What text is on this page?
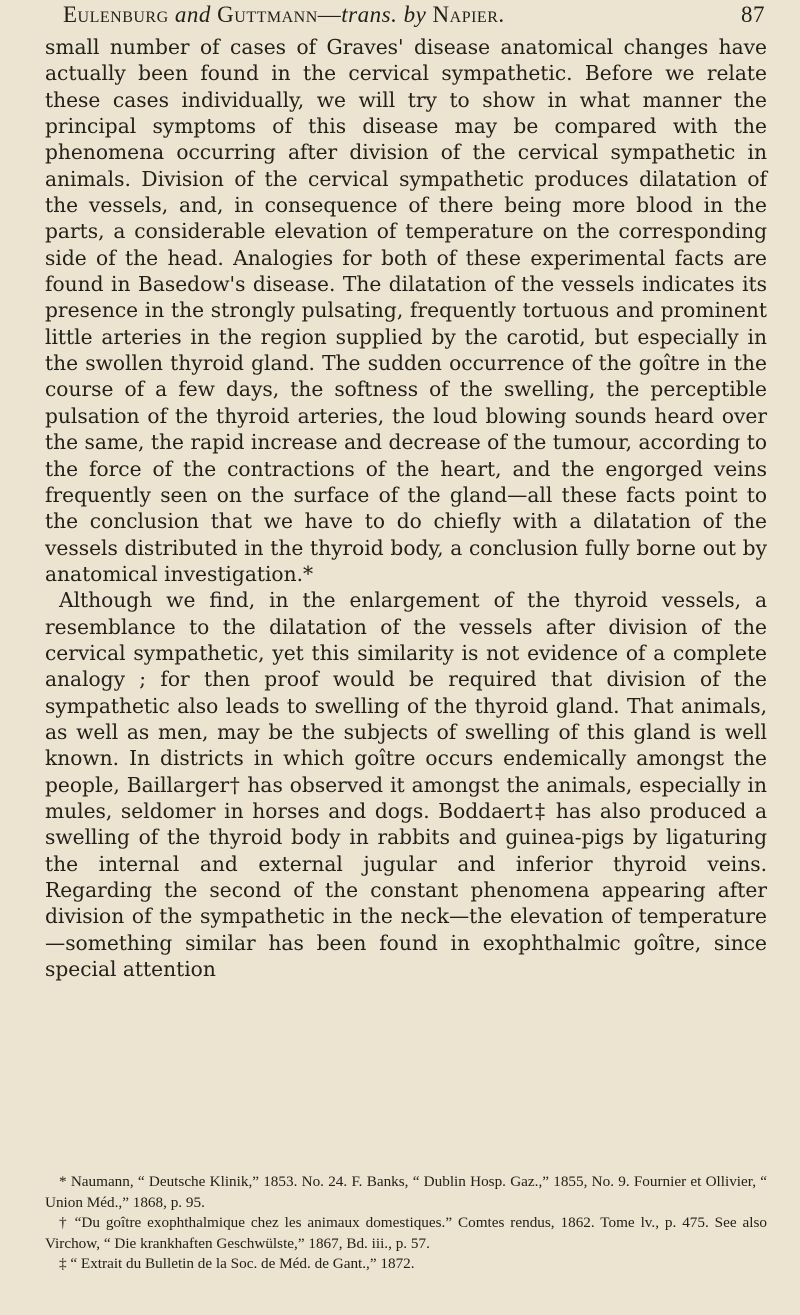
Eulenburg and Guttmann—trans. by Napier.	87

small number of cases of Graves' disease anatomical changes have actually been found in the cervical sympathetic. Before we relate these cases individually, we will try to show in what manner the principal symptoms of this disease may be compared with the phenomena occurring after division of the cervical sympathetic in animals. Division of the cervical sympathetic produces dilatation of the vessels, and, in consequence of there being more blood in the parts, a considerable elevation of temperature on the corresponding side of the head. Analogies for both of these experimental facts are found in Basedow's disease. The dilatation of the vessels indicates its presence in the strongly pulsating, frequently tortuous and prominent little arteries in the region supplied by the carotid, but especially in the swollen thyroid gland. The sudden occurrence of the goître in the course of a few days, the softness of the swelling, the perceptible pulsation of the thyroid arteries, the loud blowing sounds heard over the same, the rapid increase and decrease of the tumour, according to the force of the contractions of the heart, and the engorged veins frequently seen on the surface of the gland—all these facts point to the conclusion that we have to do chiefly with a dilatation of the vessels distributed in the thyroid body, a conclusion fully borne out by anatomical investigation.*

Although we find, in the enlargement of the thyroid vessels, a resemblance to the dilatation of the vessels after division of the cervical sympathetic, yet this similarity is not evidence of a complete analogy ; for then proof would be required that division of the sympathetic also leads to swelling of the thyroid gland. That animals, as well as men, may be the subjects of swelling of this gland is well known. In districts in which goître occurs endemically amongst the people, Baillarger† has observed it amongst the animals, especially in mules, seldomer in horses and dogs. Boddaert‡ has also produced a swelling of the thyroid body in rabbits and guinea-pigs by ligaturing the internal and external jugular and inferior thyroid veins. Regarding the second of the constant phenomena appearing after division of the sympathetic in the neck—the elevation of temperature—something similar has been found in exophthalmic goître, since special attention

* Naumann, “ Deutsche Klinik,” 1853. No. 24. F. Banks, “ Dublin Hosp. Gaz.,” 1855, No. 9. Fournier et Ollivier, “ Union Méd.,” 1868, p. 95.

† “Du goître exophthalmique chez les animaux domestiques.” Comtes rendus, 1862. Tome lv., p. 475. See also Virchow, “ Die krankhaften Geschwülste,” 1867, Bd. iii., p. 57.

‡ “ Extrait du Bulletin de la Soc. de Méd. de Gant.,” 1872.
